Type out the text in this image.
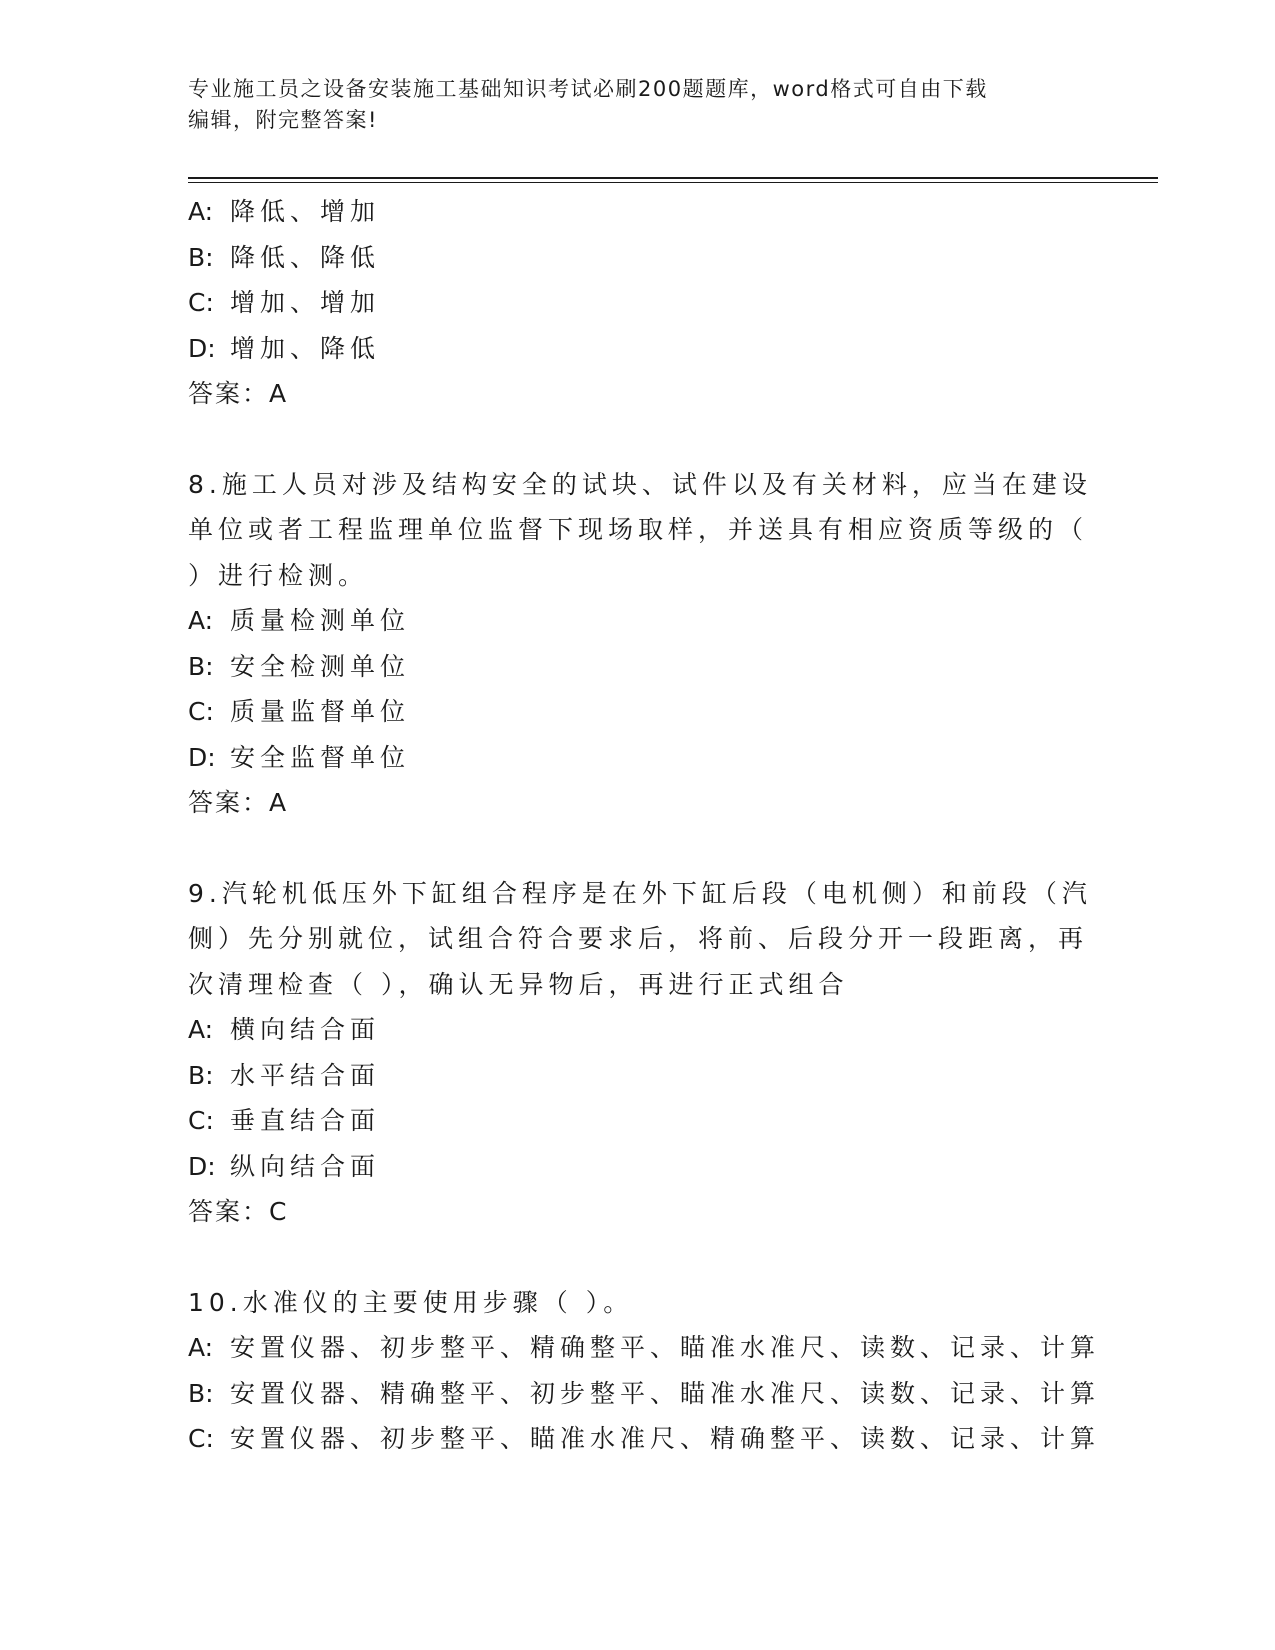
专业施工员之设备安装施工基础知识考试必刷200题题库，word格式可自由下载
编辑，附完整答案!
A: 降低、增加
B: 降低、降低
C: 增加、增加
D: 增加、降低
答案：A
8.施工人员对涉及结构安全的试块、试件以及有关材料，应当在建设
单位或者工程监理单位监督下现场取样，并送具有相应资质等级的（
）进行检测。
A: 质量检测单位
B: 安全检测单位
C: 质量监督单位
D: 安全监督单位
答案：A
9.汽轮机低压外下缸组合程序是在外下缸后段（电机侧）和前段（汽
侧）先分别就位，试组合符合要求后，将前、后段分开一段距离，再
次清理检查（ ），确认无异物后，再进行正式组合
A: 横向结合面
B: 水平结合面
C: 垂直结合面
D: 纵向结合面
答案：C
10.水准仪的主要使用步骤（ ）。
A: 安置仪器、初步整平、精确整平、瞄准水准尺、读数、记录、计算
B: 安置仪器、精确整平、初步整平、瞄准水准尺、读数、记录、计算
C: 安置仪器、初步整平、瞄准水准尺、精确整平、读数、记录、计算
